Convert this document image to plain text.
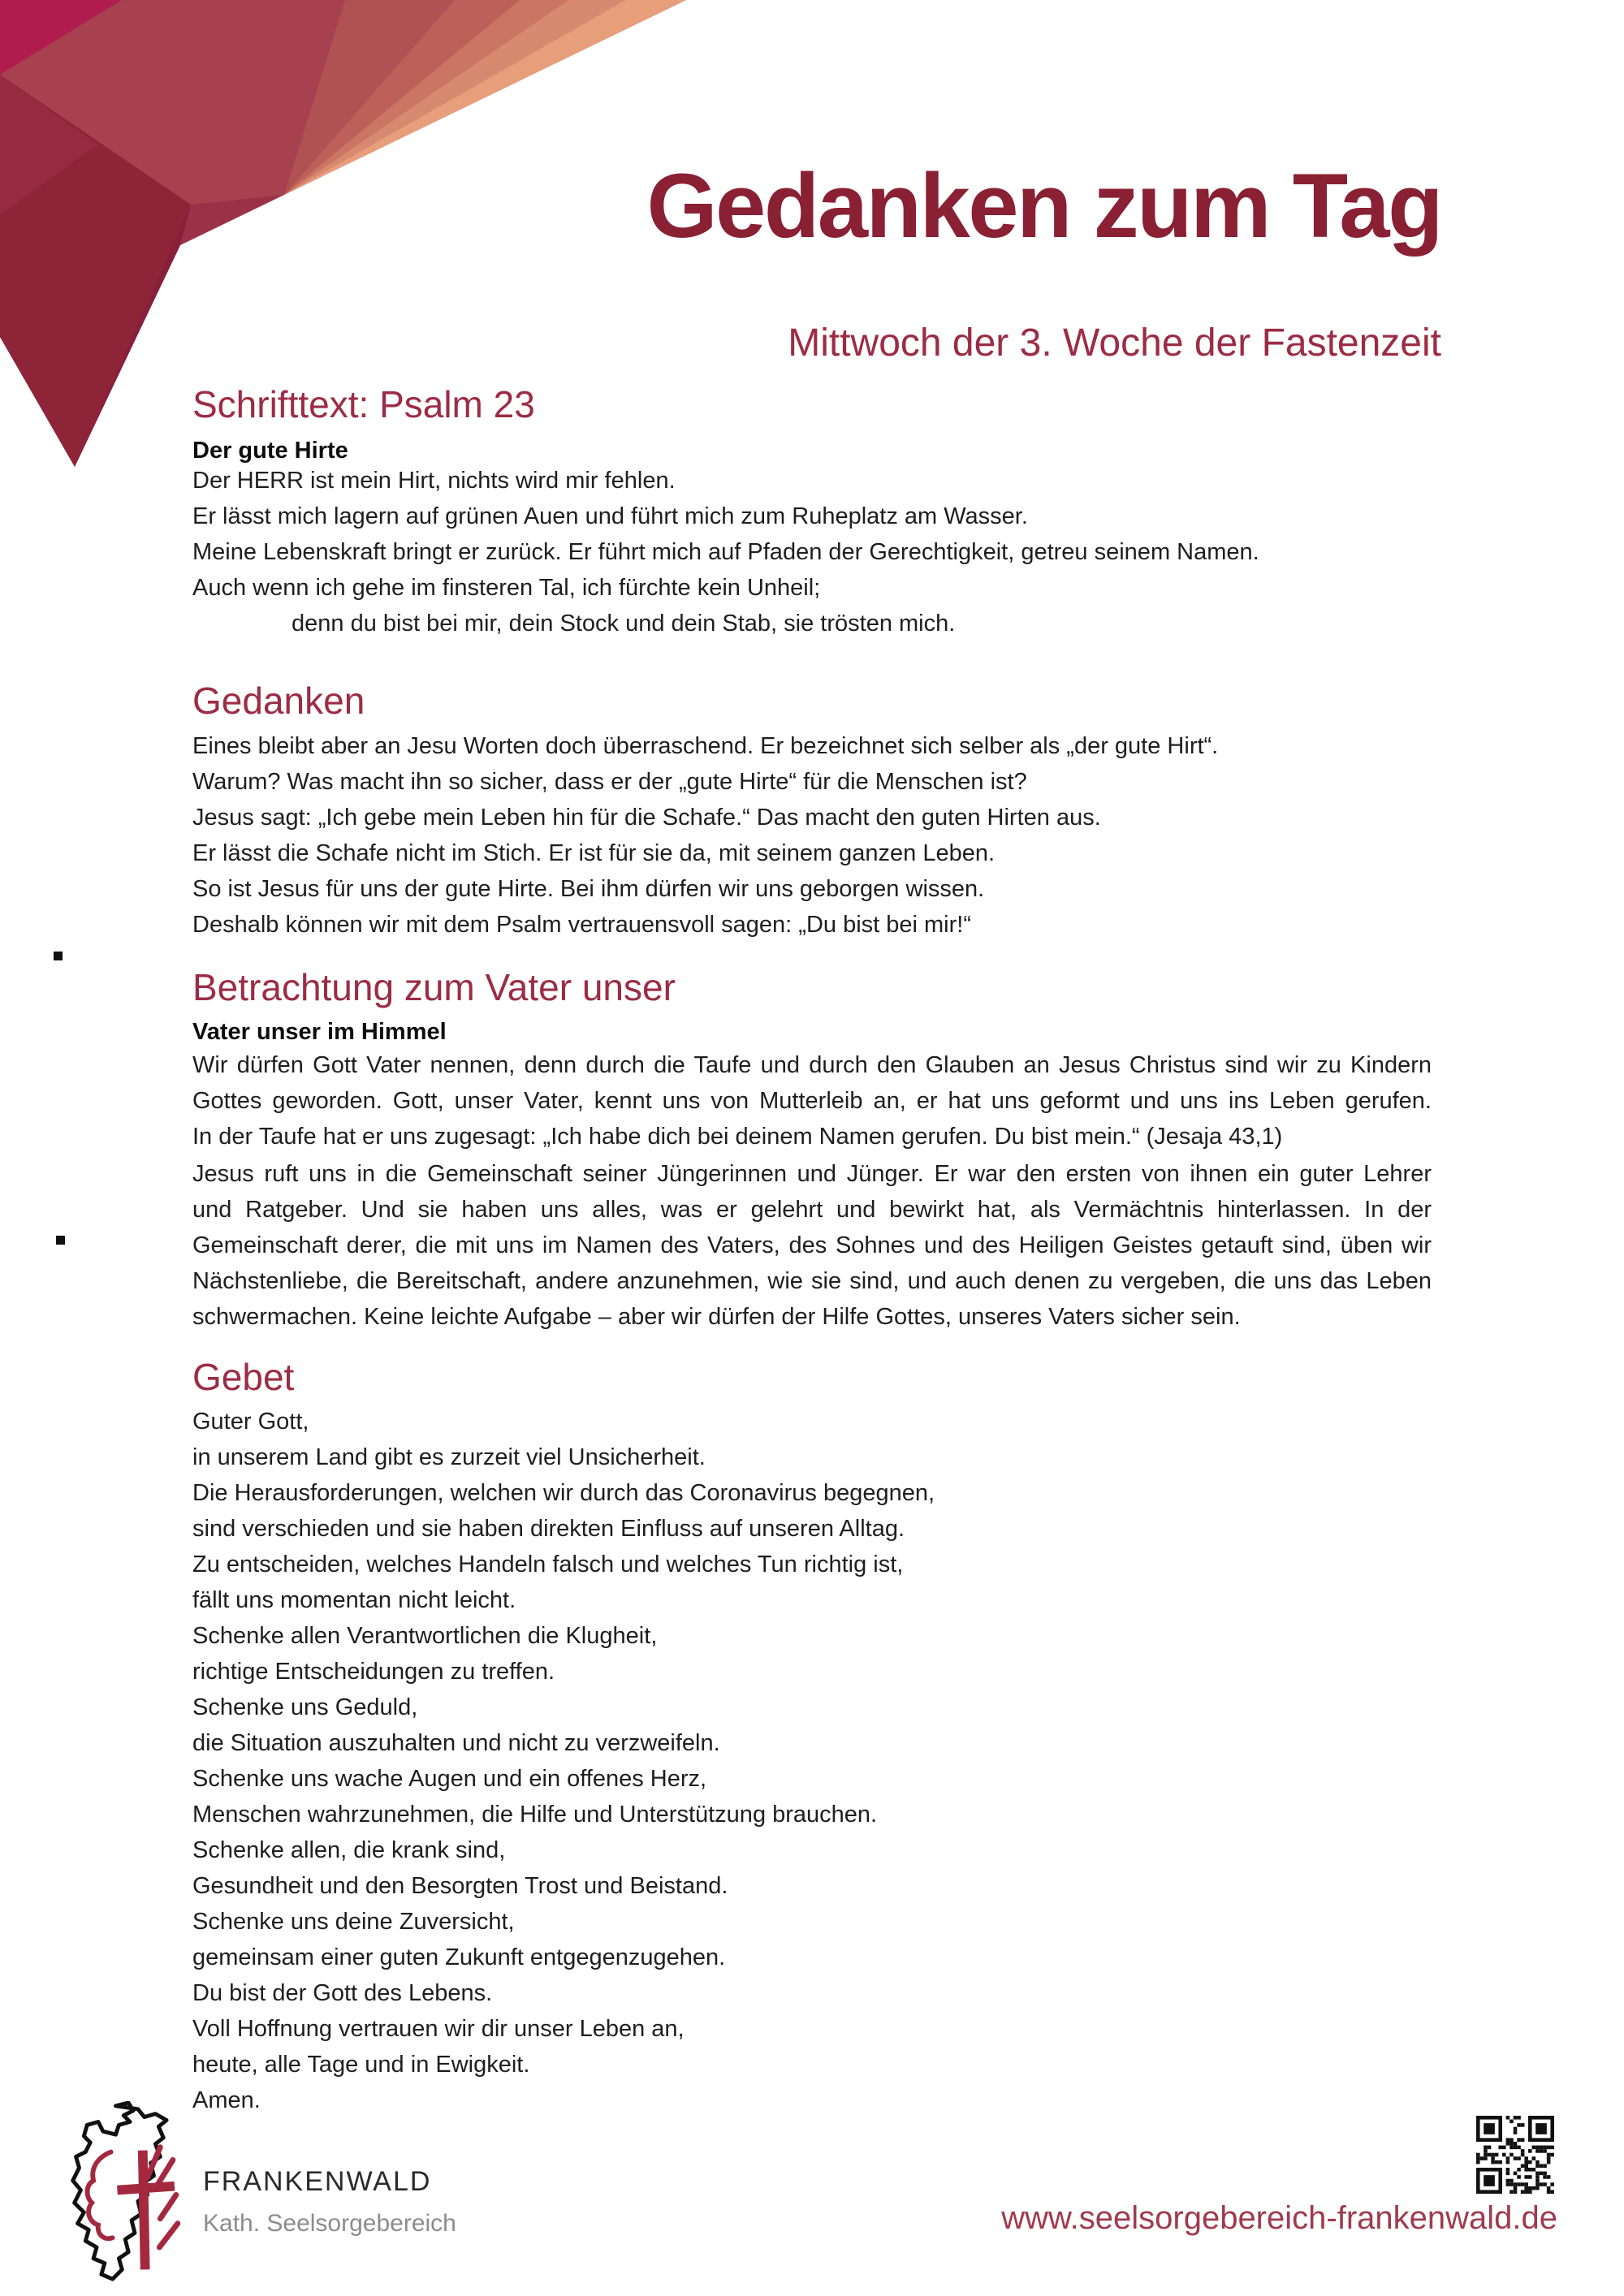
Gedanken zum Tag
Mittwoch der 3. Woche der Fastenzeit
Schrifttext: Psalm 23
Der gute Hirte
Der HERR ist mein Hirt, nichts wird mir fehlen.
Er lässt mich lagern auf grünen Auen und führt mich zum Ruheplatz am Wasser.
Meine Lebenskraft bringt er zurück. Er führt mich auf Pfaden der Gerechtigkeit, getreu seinem Namen.
Auch wenn ich gehe im finsteren Tal, ich fürchte kein Unheil;
denn du bist bei mir, dein Stock und dein Stab, sie trösten mich.
Gedanken
Eines bleibt aber an Jesu Worten doch überraschend. Er bezeichnet sich selber als „der gute Hirt“.
Warum? Was macht ihn so sicher, dass er der „gute Hirte“ für die Menschen ist?
Jesus sagt: „Ich gebe mein Leben hin für die Schafe.“ Das macht den guten Hirten aus.
Er lässt die Schafe nicht im Stich. Er ist für sie da, mit seinem ganzen Leben.
So ist Jesus für uns der gute Hirte. Bei ihm dürfen wir uns geborgen wissen.
Deshalb können wir mit dem Psalm vertrauensvoll sagen: „Du bist bei mir!“
Betrachtung zum Vater unser
Vater unser im Himmel
Wir dürfen Gott Vater nennen, denn durch die Taufe und durch den Glauben an Jesus Christus sind wir zu Kindern
Gottes geworden. Gott, unser Vater, kennt uns von Mutterleib an, er hat uns geformt und uns ins Leben gerufen.
In der Taufe hat er uns zugesagt: „Ich habe dich bei deinem Namen gerufen. Du bist mein.“ (Jesaja 43,1)
Jesus ruft uns in die Gemeinschaft seiner Jüngerinnen und Jünger. Er war den ersten von ihnen ein guter Lehrer
und Ratgeber. Und sie haben uns alles, was er gelehrt und bewirkt hat, als Vermächtnis hinterlassen. In der
Gemeinschaft derer, die mit uns im Namen des Vaters, des Sohnes und des Heiligen Geistes getauft sind, üben wir
Nächstenliebe, die Bereitschaft, andere anzunehmen, wie sie sind, und auch denen zu vergeben, die uns das Leben
schwermachen. Keine leichte Aufgabe – aber wir dürfen der Hilfe Gottes, unseres Vaters sicher sein.
Gebet
Guter Gott,
in unserem Land gibt es zurzeit viel Unsicherheit.
Die Herausforderungen, welchen wir durch das Coronavirus begegnen,
sind verschieden und sie haben direkten Einfluss auf unseren Alltag.
Zu entscheiden, welches Handeln falsch und welches Tun richtig ist,
fällt uns momentan nicht leicht.
Schenke allen Verantwortlichen die Klugheit,
richtige Entscheidungen zu treffen.
Schenke uns Geduld,
die Situation auszuhalten und nicht zu verzweifeln.
Schenke uns wache Augen und ein offenes Herz,
Menschen wahrzunehmen, die Hilfe und Unterstützung brauchen.
Schenke allen, die krank sind,
Gesundheit und den Besorgten Trost und Beistand.
Schenke uns deine Zuversicht,
gemeinsam einer guten Zukunft entgegenzugehen.
Du bist der Gott des Lebens.
Voll Hoffnung vertrauen wir dir unser Leben an,
heute, alle Tage und in Ewigkeit.
Amen.
FRANKENWALD
Kath. Seelsorgebereich	www.seelsorgebereich-frankenwald.de
